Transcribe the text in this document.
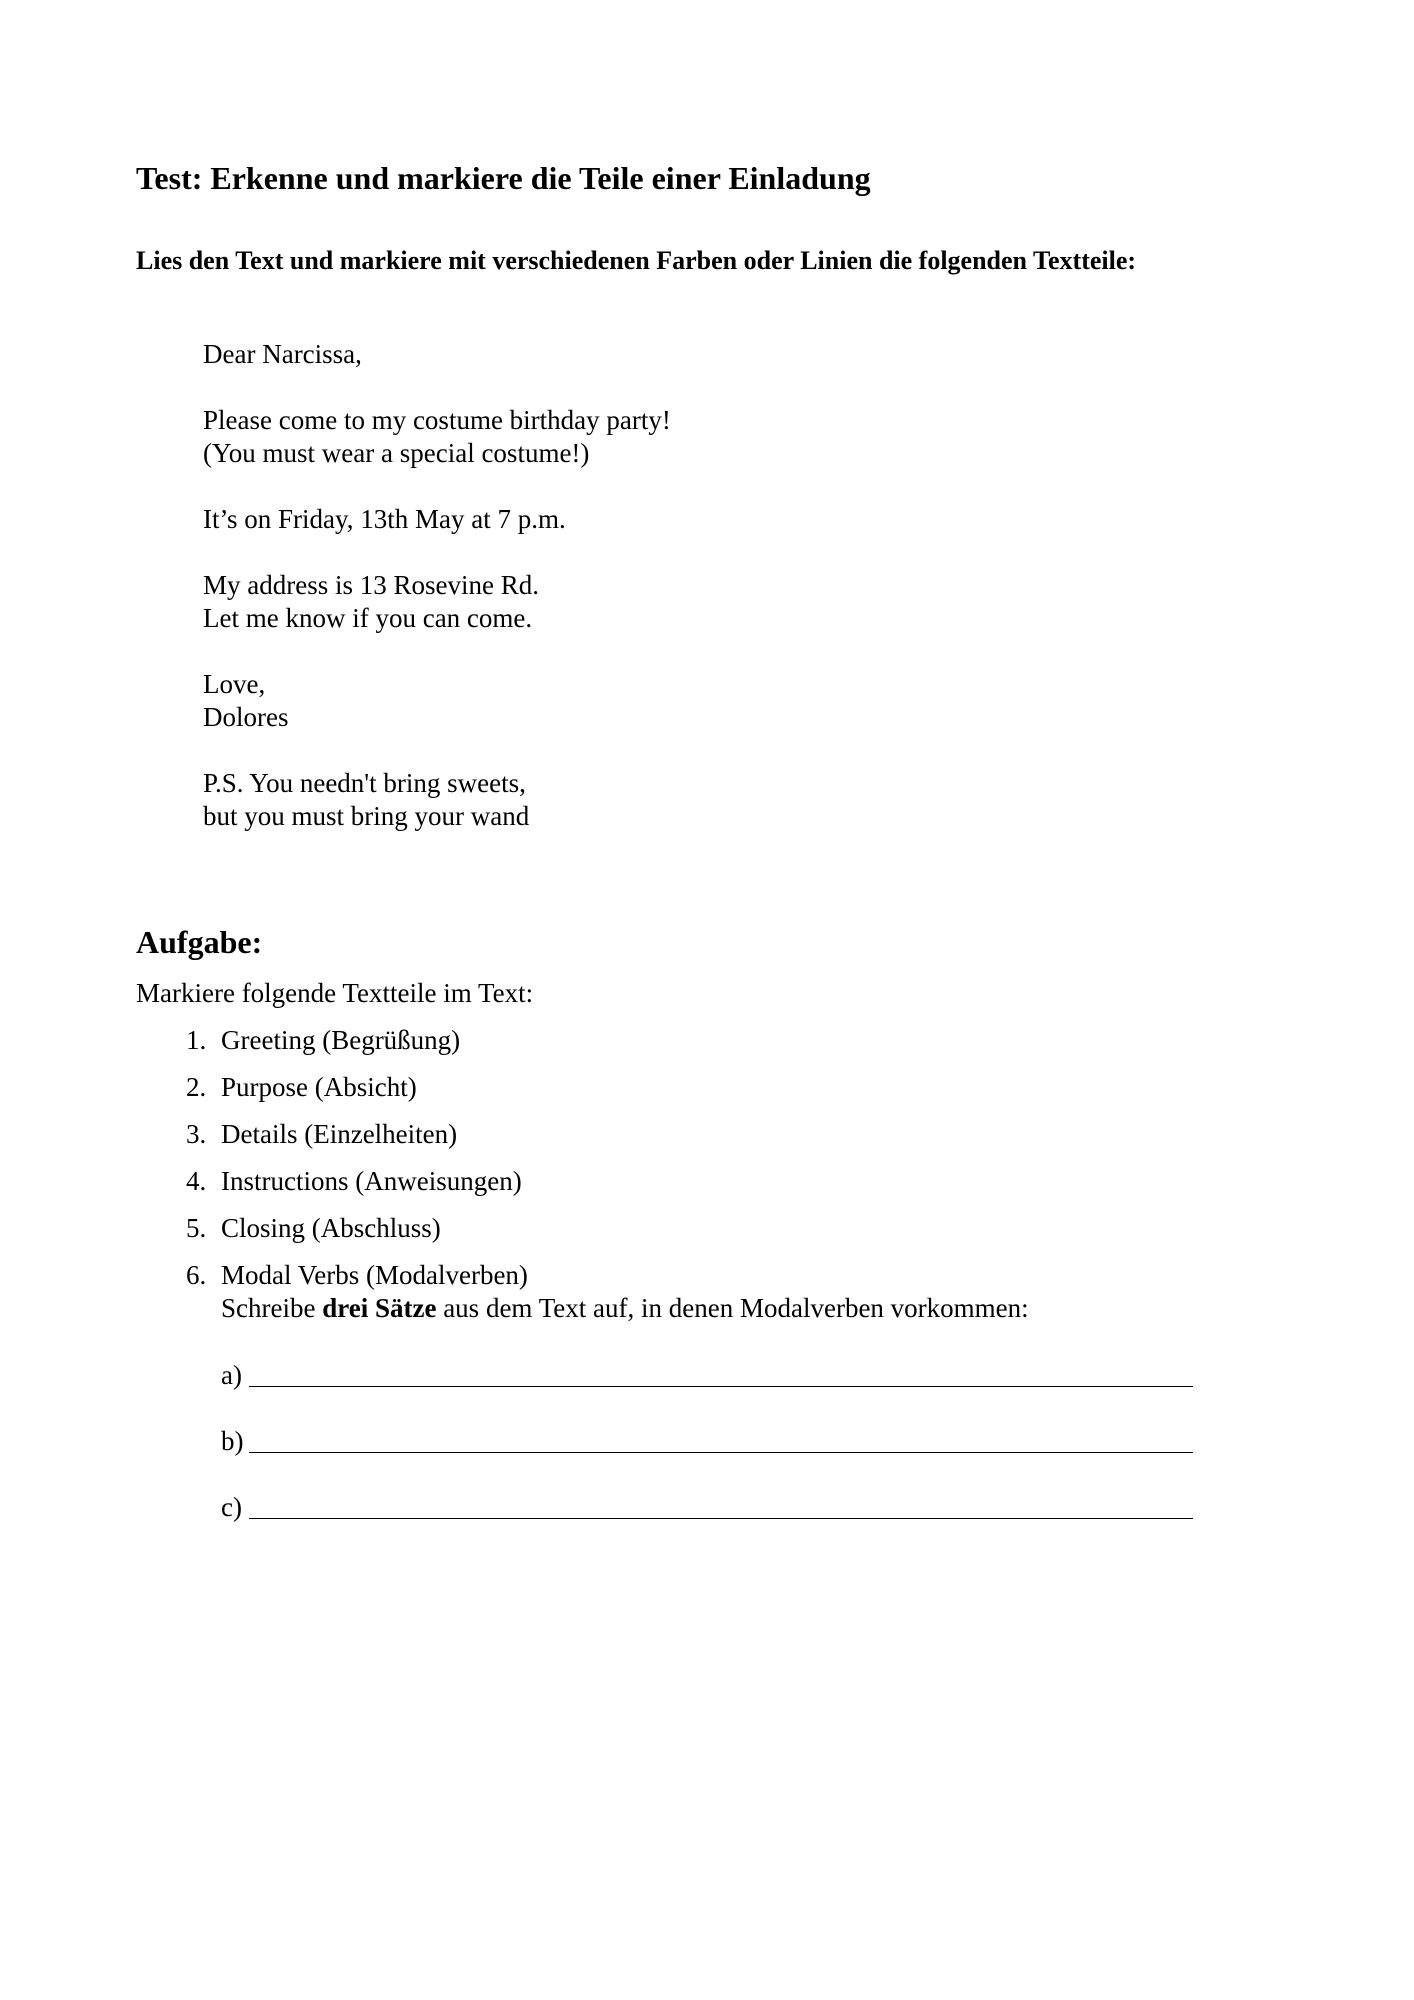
Test: Erkenne und markiere die Teile einer Einladung
Lies den Text und markiere mit verschiedenen Farben oder Linien die folgenden Textteile:

Dear Narcissa,

Please come to my costume birthday party!
(You must wear a special costume!)

It’s on Friday, 13th May at 7 p.m.

My address is 13 Rosevine Rd.
Let me know if you can come.

Love,
Dolores

P.S. You needn't bring sweets,
but you must bring your wand

Aufgabe:

Markiere folgende Textteile im Text:

1. Greeting (Begrüßung)
2. Purpose (Absicht)
3. Details (Einzelheiten)
4. Instructions (Anweisungen)
5. Closing (Abschluss)
6. Modal Verbs (Modalverben)
Schreibe drei Sätze aus dem Text auf, in denen Modalverben vorkommen:
a)
b)
c)
